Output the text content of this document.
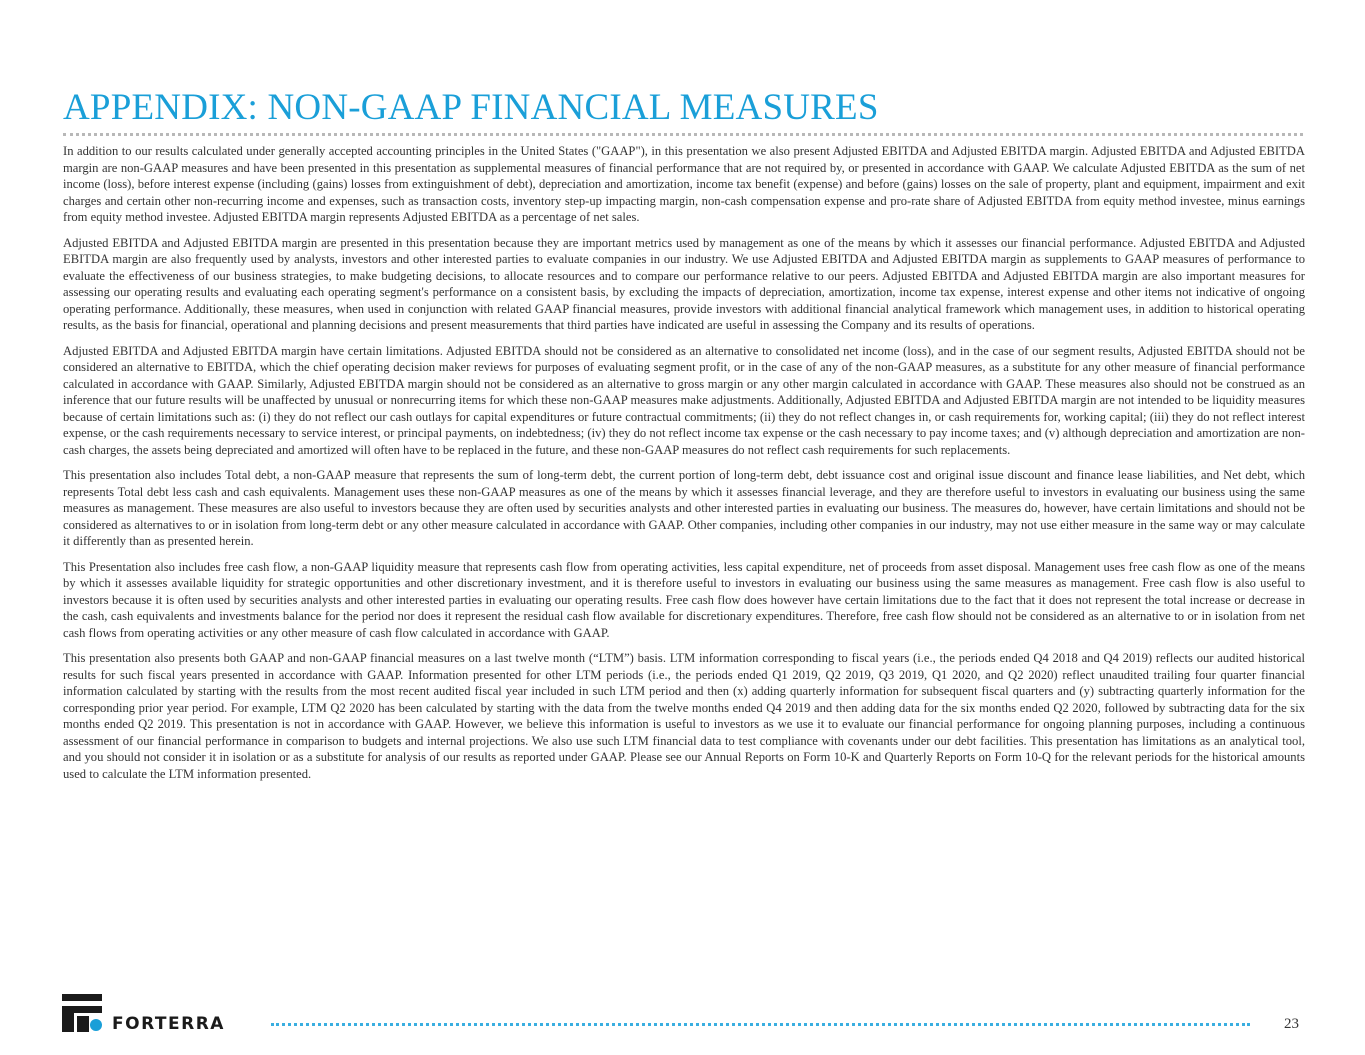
APPENDIX: NON-GAAP FINANCIAL MEASURES

In addition to our results calculated under generally accepted accounting principles in the United States ("GAAP"), in this presentation we also present Adjusted EBITDA and Adjusted EBITDA margin. Adjusted EBITDA and Adjusted EBITDA margin are non-GAAP measures and have been presented in this presentation as supplemental measures of financial performance that are not required by, or presented in accordance with GAAP. We calculate Adjusted EBITDA as the sum of net income (loss), before interest expense (including (gains) losses from extinguishment of debt), depreciation and amortization, income tax benefit (expense) and before (gains) losses on the sale of property, plant and equipment, impairment and exit charges and certain other non-recurring income and expenses, such as transaction costs, inventory step-up impacting margin, non-cash compensation expense and pro-rate share of Adjusted EBITDA from equity method investee, minus earnings from equity method investee. Adjusted EBITDA margin represents Adjusted EBITDA as a percentage of net sales.

Adjusted EBITDA and Adjusted EBITDA margin are presented in this presentation because they are important metrics used by management as one of the means by which it assesses our financial performance. Adjusted EBITDA and Adjusted EBITDA margin are also frequently used by analysts, investors and other interested parties to evaluate companies in our industry. We use Adjusted EBITDA and Adjusted EBITDA margin as supplements to GAAP measures of performance to evaluate the effectiveness of our business strategies, to make budgeting decisions, to allocate resources and to compare our performance relative to our peers. Adjusted EBITDA and Adjusted EBITDA margin are also important measures for assessing our operating results and evaluating each operating segment's performance on a consistent basis, by excluding the impacts of depreciation, amortization, income tax expense, interest expense and other items not indicative of ongoing operating performance. Additionally, these measures, when used in conjunction with related GAAP financial measures, provide investors with additional financial analytical framework which management uses, in addition to historical operating results, as the basis for financial, operational and planning decisions and present measurements that third parties have indicated are useful in assessing the Company and its results of operations.

Adjusted EBITDA and Adjusted EBITDA margin have certain limitations. Adjusted EBITDA should not be considered as an alternative to consolidated net income (loss), and in the case of our segment results, Adjusted EBITDA should not be considered an alternative to EBITDA, which the chief operating decision maker reviews for purposes of evaluating segment profit, or in the case of any of the non-GAAP measures, as a substitute for any other measure of financial performance calculated in accordance with GAAP. Similarly, Adjusted EBITDA margin should not be considered as an alternative to gross margin or any other margin calculated in accordance with GAAP. These measures also should not be construed as an inference that our future results will be unaffected by unusual or nonrecurring items for which these non-GAAP measures make adjustments. Additionally, Adjusted EBITDA and Adjusted EBITDA margin are not intended to be liquidity measures because of certain limitations such as: (i) they do not reflect our cash outlays for capital expenditures or future contractual commitments; (ii) they do not reflect changes in, or cash requirements for, working capital; (iii) they do not reflect interest expense, or the cash requirements necessary to service interest, or principal payments, on indebtedness; (iv) they do not reflect income tax expense or the cash necessary to pay income taxes; and (v) although depreciation and amortization are non-cash charges, the assets being depreciated and amortized will often have to be replaced in the future, and these non-GAAP measures do not reflect cash requirements for such replacements.

This presentation also includes Total debt, a non-GAAP measure that represents the sum of long-term debt, the current portion of long-term debt, debt issuance cost and original issue discount and finance lease liabilities, and Net debt, which represents Total debt less cash and cash equivalents. Management uses these non-GAAP measures as one of the means by which it assesses financial leverage, and they are therefore useful to investors in evaluating our business using the same measures as management. These measures are also useful to investors because they are often used by securities analysts and other interested parties in evaluating our business. The measures do, however, have certain limitations and should not be considered as alternatives to or in isolation from long-term debt or any other measure calculated in accordance with GAAP. Other companies, including other companies in our industry, may not use either measure in the same way or may calculate it differently than as presented herein.

This Presentation also includes free cash flow, a non-GAAP liquidity measure that represents cash flow from operating activities, less capital expenditure, net of proceeds from asset disposal. Management uses free cash flow as one of the means by which it assesses available liquidity for strategic opportunities and other discretionary investment, and it is therefore useful to investors in evaluating our business using the same measures as management. Free cash flow is also useful to investors because it is often used by securities analysts and other interested parties in evaluating our operating results. Free cash flow does however have certain limitations due to the fact that it does not represent the total increase or decrease in the cash, cash equivalents and investments balance for the period nor does it represent the residual cash flow available for discretionary expenditures. Therefore, free cash flow should not be considered as an alternative to or in isolation from net cash flows from operating activities or any other measure of cash flow calculated in accordance with GAAP.

This presentation also presents both GAAP and non-GAAP financial measures on a last twelve month (“LTM”) basis. LTM information corresponding to fiscal years (i.e., the periods ended Q4 2018 and Q4 2019) reflects our audited historical results for such fiscal years presented in accordance with GAAP. Information presented for other LTM periods (i.e., the periods ended Q1 2019, Q2 2019, Q3 2019, Q1 2020, and Q2 2020) reflect unaudited trailing four quarter financial information calculated by starting with the results from the most recent audited fiscal year included in such LTM period and then (x) adding quarterly information for subsequent fiscal quarters and (y) subtracting quarterly information for the corresponding prior year period. For example, LTM Q2 2020 has been calculated by starting with the data from the twelve months ended Q4 2019 and then adding data for the six months ended Q2 2020, followed by subtracting data for the six months ended Q2 2019. This presentation is not in accordance with GAAP. However, we believe this information is useful to investors as we use it to evaluate our financial performance for ongoing planning purposes, including a continuous assessment of our financial performance in comparison to budgets and internal projections. We also use such LTM financial data to test compliance with covenants under our debt facilities. This presentation has limitations as an analytical tool, and you should not consider it in isolation or as a substitute for analysis of our results as reported under GAAP. Please see our Annual Reports on Form 10-K and Quarterly Reports on Form 10-Q for the relevant periods for the historical amounts used to calculate the LTM information presented.

FORTERRA	23
